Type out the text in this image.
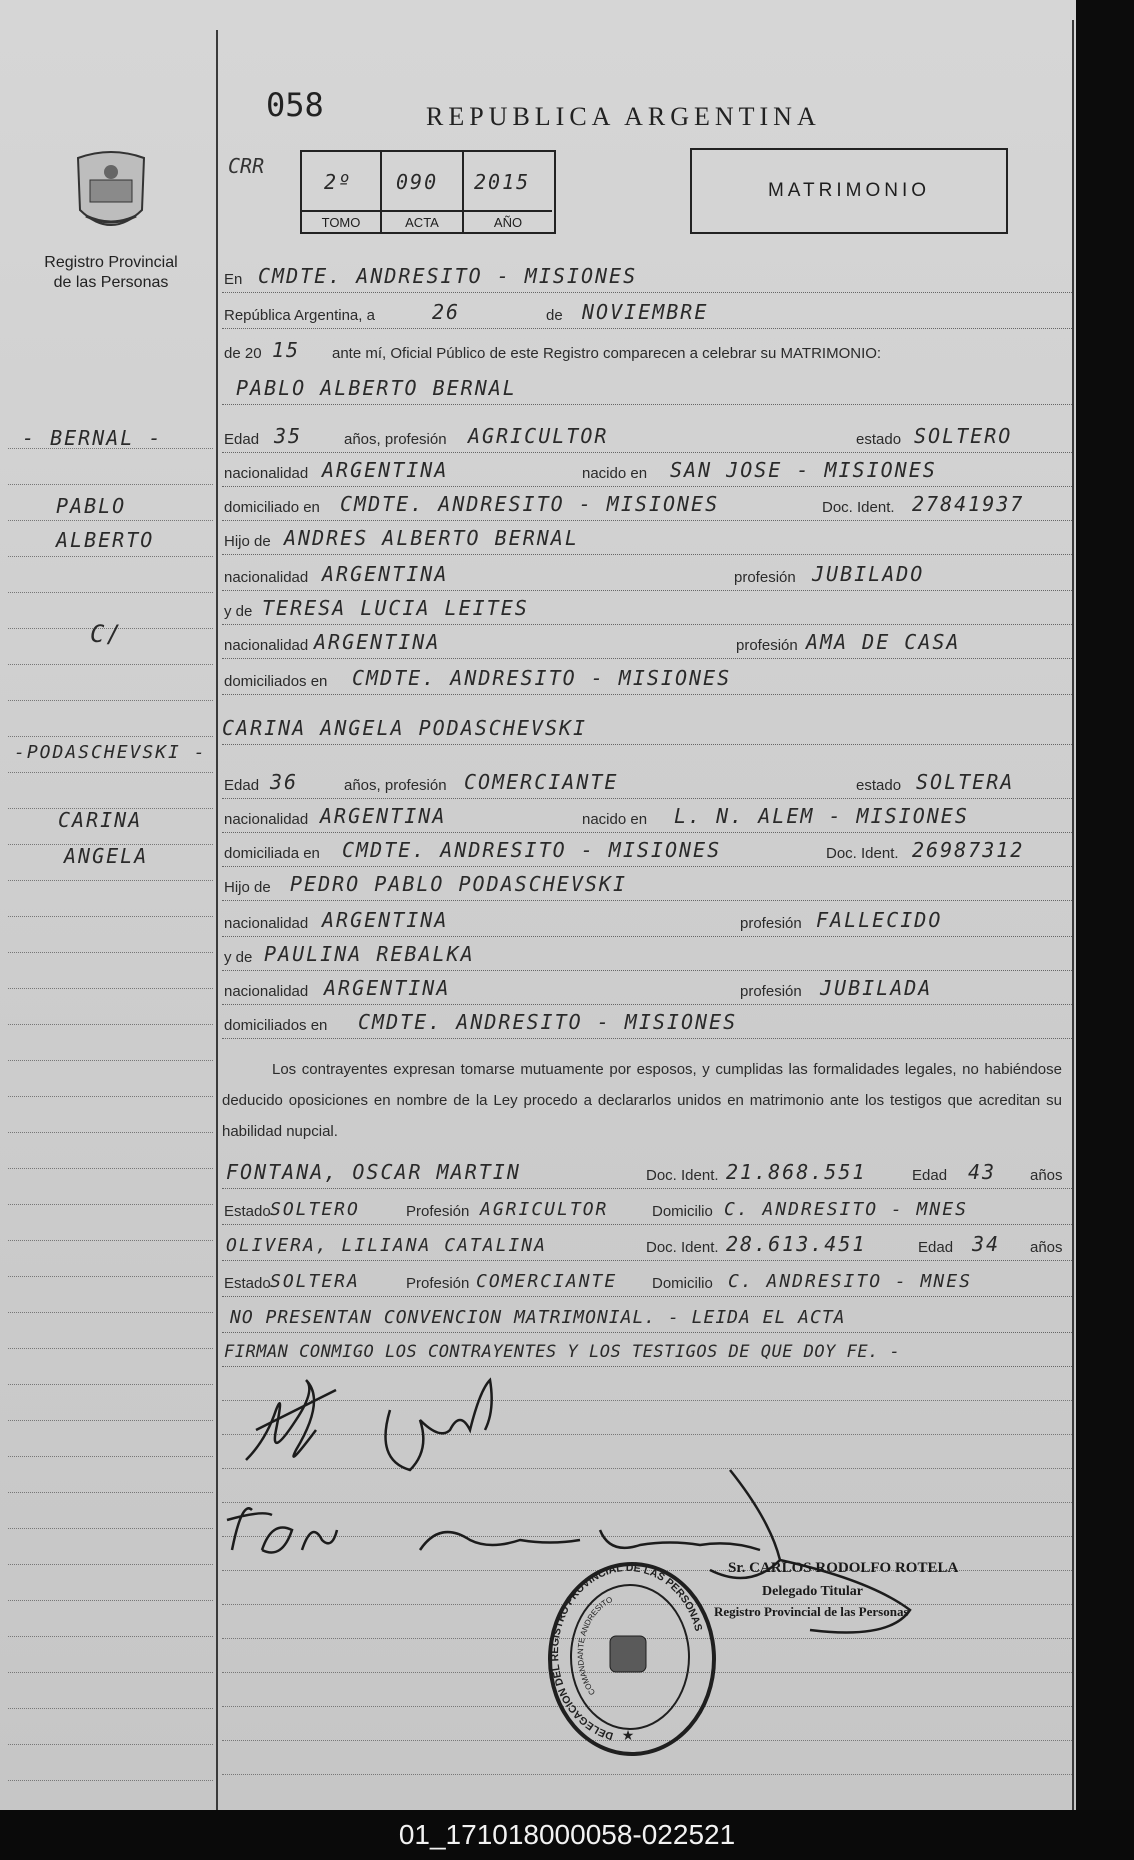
058	REPUBLICA ARGENTINA
CRR
2º 090 2015
TOMO	ACTA	AÑO
MATRIMONIO
Registro Provincial
de las Personas
- BERNAL -
PABLO
ALBERTO
C/
-PODASCHEVSKI -
CARINA
ANGELA
En CMDTE. ANDRESITO - MISIONES
República Argentina, a	26	de NOVIEMBRE
de 20 15 ante mí, Oficial Público de este Registro comparecen a celebrar su MATRIMONIO:
PABLO ALBERTO BERNAL
Edad 35	años, profesión AGRICULTOR	estado SOLTERO
nacionalidad ARGENTINA	nacido en SAN JOSE - MISIONES
domiciliado en CMDTE. ANDRESITO - MISIONES	Doc. Ident. 27841937
Hijo de ANDRES ALBERTO BERNAL
nacionalidad ARGENTINA	profesión JUBILADO
y de TERESA LUCIA LEITES
nacionalidad ARGENTINA	profesión AMA DE CASA
domiciliados en CMDTE. ANDRESITO - MISIONES
CARINA ANGELA PODASCHEVSKI
Edad 36	años, profesión COMERCIANTE	estado SOLTERA
nacionalidad ARGENTINA	nacido en L. N. ALEM - MISIONES
domiciliada en CMDTE. ANDRESITO - MISIONES	Doc. Ident. 26987312
Hijo de PEDRO PABLO PODASCHEVSKI
nacionalidad ARGENTINA	profesión FALLECIDO
y de PAULINA REBALKA
nacionalidad ARGENTINA	profesión JUBILADA
domiciliados en CMDTE. ANDRESITO - MISIONES
Los contrayentes expresan tomarse mutuamente por esposos, y cumplidas las formalidades legales, no habiéndose deducido oposiciones en nombre de la Ley procedo a declararlos unidos en matrimonio ante los testigos que acreditan su habilidad nupcial.
FONTANA, OSCAR MARTIN	Doc. Ident. 21.868.551	Edad 43 años
Estado SOLTERO	Profesión AGRICULTOR	Domicilio C. ANDRESITO - MNES
OLIVERA, LILIANA CATALINA	Doc. Ident. 28.613.451	Edad 34 años
Estado SOLTERA	Profesión COMERCIANTE Domicilio C. ANDRESITO - MNES
NO PRESENTAN CONVENCION MATRIMONIAL. - LEIDA EL ACTA
FIRMAN CONMIGO LOS CONTRAYENTES Y LOS TESTIGOS DE QUE DOY FE. -
Sr. CARLOS RODOLFO ROTELA
Delegado Titular
Registro Provincial de las Personas
DELEGACION DEL REGISTRO PROVINCIAL DE LAS PERSONAS
COMANDANTE ANDRESITO
★
01_171018000058-022521
